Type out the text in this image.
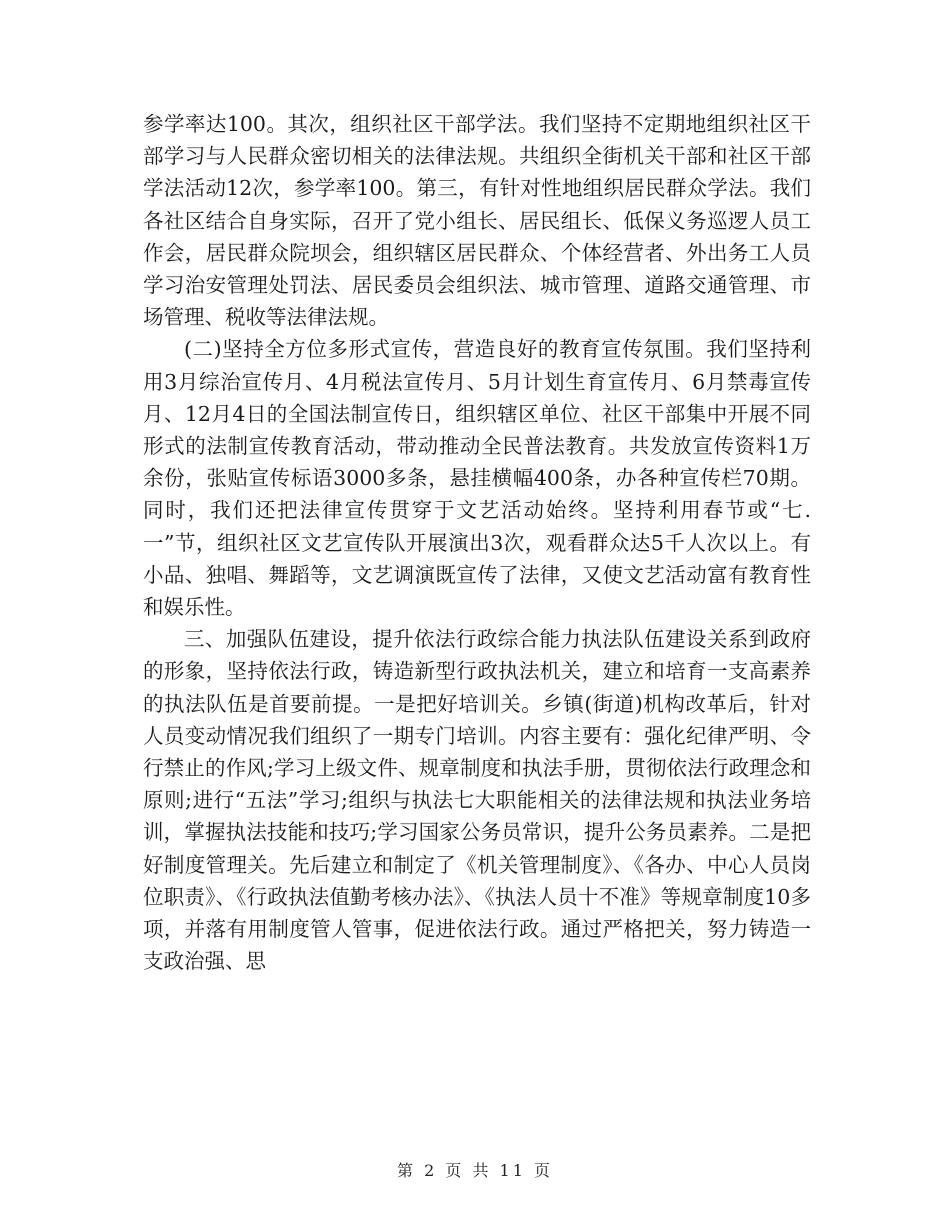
参学率达100。其次，组织社区干部学法。我们坚持不定期地组织社区干部学习与人民群众密切相关的法律法规。共组织全街机关干部和社区干部学法活动12次，参学率100。第三，有针对性地组织居民群众学法。我们各社区结合自身实际，召开了党小组长、居民组长、低保义务巡逻人员工作会，居民群众院坝会，组织辖区居民群众、个体经营者、外出务工人员学习治安管理处罚法、居民委员会组织法、城市管理、道路交通管理、市场管理、税收等法律法规。

(二)坚持全方位多形式宣传，营造良好的教育宣传氛围。我们坚持利用3月综治宣传月、4月税法宣传月、5月计划生育宣传月、6月禁毒宣传月、12月4日的全国法制宣传日，组织辖区单位、社区干部集中开展不同形式的法制宣传教育活动，带动推动全民普法教育。共发放宣传资料1万余份，张贴宣传标语3000多条，悬挂横幅400条，办各种宣传栏70期。同时，我们还把法律宣传贯穿于文艺活动始终。坚持利用春节或“七.一”节，组织社区文艺宣传队开展演出3次，观看群众达5千人次以上。有小品、独唱、舞蹈等，文艺调演既宣传了法律，又使文艺活动富有教育性和娱乐性。

三、加强队伍建设，提升依法行政综合能力执法队伍建设关系到政府的形象，坚持依法行政，铸造新型行政执法机关，建立和培育一支高素养的执法队伍是首要前提。一是把好培训关。乡镇(街道)机构改革后，针对人员变动情况我们组织了一期专门培训。内容主要有：强化纪律严明、令行禁止的作风;学习上级文件、规章制度和执法手册，贯彻依法行政理念和原则;进行“五法”学习;组织与执法七大职能相关的法律法规和执法业务培训，掌握执法技能和技巧;学习国家公务员常识，提升公务员素养。二是把好制度管理关。先后建立和制定了《机关管理制度》、《各办、中心人员岗位职责》、《行政执法值勤考核办法》、《执法人员十不准》等规章制度10多项，并落有用制度管人管事，促进依法行政。通过严格把关，努力铸造一支政治强、思

第 2 页 共 11 页
